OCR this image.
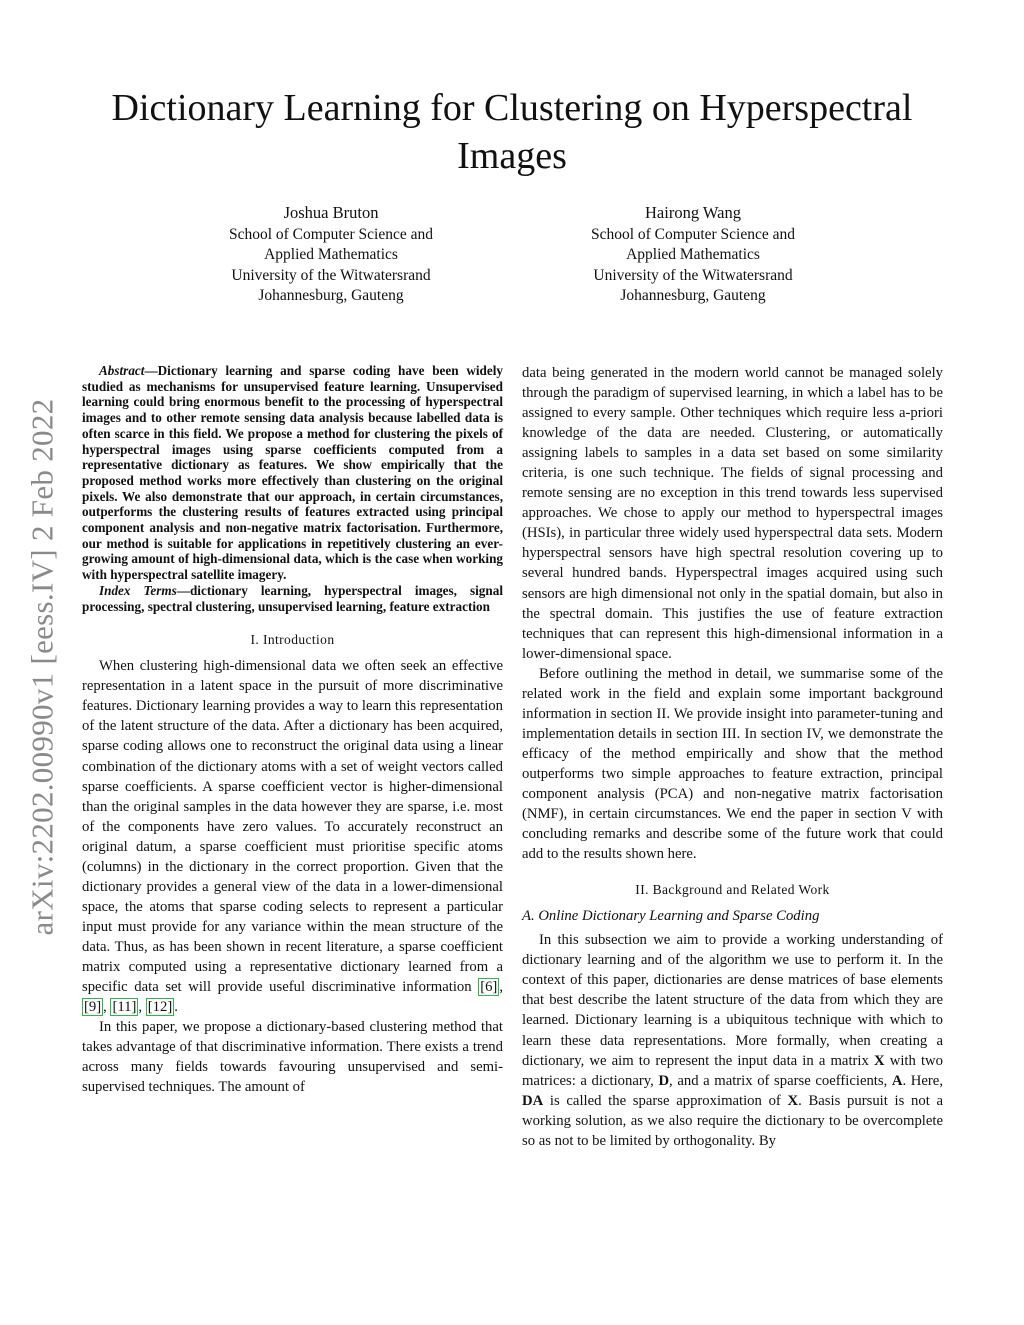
arXiv:2202.00990v1 [eess.IV] 2 Feb 2022
Dictionary Learning for Clustering on Hyperspectral Images
Joshua Bruton
School of Computer Science and
Applied Mathematics
University of the Witwatersrand
Johannesburg, Gauteng
Hairong Wang
School of Computer Science and
Applied Mathematics
University of the Witwatersrand
Johannesburg, Gauteng

Abstract—Dictionary learning and sparse coding have been widely studied as mechanisms for unsupervised feature learning. Unsupervised learning could bring enormous benefit to the processing of hyperspectral images and to other remote sensing data analysis because labelled data is often scarce in this field. We propose a method for clustering the pixels of hyperspectral images using sparse coefficients computed from a representative dictionary as features. We show empirically that the proposed method works more effectively than clustering on the original pixels. We also demonstrate that our approach, in certain circumstances, outperforms the clustering results of features extracted using principal component analysis and non-negative matrix factorisation. Furthermore, our method is suitable for applications in repetitively clustering an ever-growing amount of high-dimensional data, which is the case when working with hyperspectral satellite imagery.

Index Terms—dictionary learning, hyperspectral images, signal processing, spectral clustering, unsupervised learning, feature extraction

I. Introduction

When clustering high-dimensional data we often seek an effective representation in a latent space in the pursuit of more discriminative features. Dictionary learning provides a way to learn this representation of the latent structure of the data. After a dictionary has been acquired, sparse coding allows one to reconstruct the original data using a linear combination of the dictionary atoms with a set of weight vectors called sparse coefficients. A sparse coefficient vector is higher-dimensional than the original samples in the data however they are sparse, i.e. most of the components have zero values. To accurately reconstruct an original datum, a sparse coefficient must prioritise specific atoms (columns) in the dictionary in the correct proportion. Given that the dictionary provides a general view of the data in a lower-dimensional space, the atoms that sparse coding selects to represent a particular input must provide for any variance within the mean structure of the data. Thus, as has been shown in recent literature, a sparse coefficient matrix computed using a representative dictionary learned from a specific data set will provide useful discriminative information [6] , [9] , [11] , [12] .

In this paper, we propose a dictionary-based clustering method that takes advantage of that discriminative information. There exists a trend across many fields towards favouring unsupervised and semi-supervised techniques. The amount of

data being generated in the modern world cannot be managed solely through the paradigm of supervised learning, in which a label has to be assigned to every sample. Other techniques which require less a-priori knowledge of the data are needed. Clustering, or automatically assigning labels to samples in a data set based on some similarity criteria, is one such technique. The fields of signal processing and remote sensing are no exception in this trend towards less supervised approaches. We chose to apply our method to hyperspectral images (HSIs), in particular three widely used hyperspectral data sets. Modern hyperspectral sensors have high spectral resolution covering up to several hundred bands. Hyperspectral images acquired using such sensors are high dimensional not only in the spatial domain, but also in the spectral domain. This justifies the use of feature extraction techniques that can represent this high-dimensional information in a lower-dimensional space.

Before outlining the method in detail, we summarise some of the related work in the field and explain some important background information in section II. We provide insight into parameter-tuning and implementation details in section III. In section IV, we demonstrate the efficacy of the method empirically and show that the method outperforms two simple approaches to feature extraction, principal component analysis (PCA) and non-negative matrix factorisation (NMF), in certain circumstances. We end the paper in section V with concluding remarks and describe some of the future work that could add to the results shown here.

II. Background and Related Work
A. Online Dictionary Learning and Sparse Coding

In this subsection we aim to provide a working understanding of dictionary learning and of the algorithm we use to perform it. In the context of this paper, dictionaries are dense matrices of base elements that best describe the latent structure of the data from which they are learned. Dictionary learning is a ubiquitous technique with which to learn these data representations. More formally, when creating a dictionary, we aim to represent the input data in a matrix X with two matrices: a dictionary, D, and a matrix of sparse coefficients, A. Here, DA is called the sparse approximation of X. Basis pursuit is not a working solution, as we also require the dictionary to be overcomplete so as not to be limited by orthogonality. By
